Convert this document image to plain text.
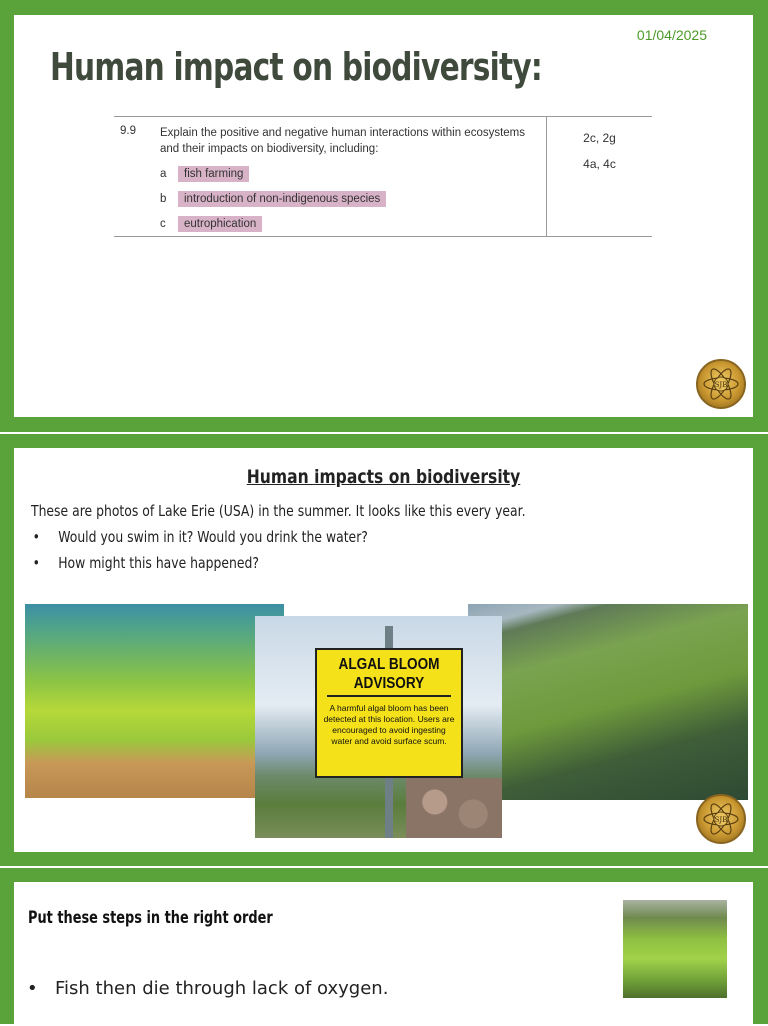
01/04/2025
Human impact on biodiversity:
9.9	Explain the positive and negative human interactions within ecosystems and their impacts on biodiversity, including:
a	fish farming
b	introduction of non-indigenous species
c	eutrophication

2c, 2g
4a, 4c
SJB
Human impacts on biodiversity
These are photos of Lake Erie (USA) in the summer. It looks like this every year.
• Would you swim in it? Would you drink the water?
• How might this have happened?
ALGAL BLOOM
ADVISORY
A harmful algal bloom has been detected at this location. Users are encouraged to avoid ingesting water and avoid surface scum.
SJB
Put these steps in the right order
• Fish then die through lack of oxygen.
